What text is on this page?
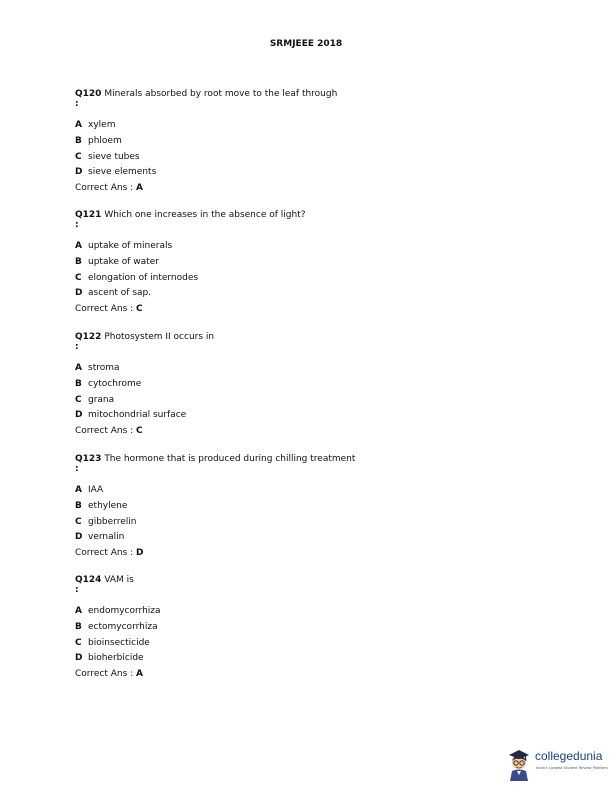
SRMJEEE 2018
Q120 Minerals absorbed by root move to the leaf through
:
A xylem
B phloem
C sieve tubes
D sieve elements
Correct Ans : A
Q121 Which one increases in the absence of light?
:
A uptake of minerals
B uptake of water
C elongation of internodes
D ascent of sap.
Correct Ans : C
Q122 Photosystem II occurs in
:
A stroma
B cytochrome
C grana
D mitochondrial surface
Correct Ans : C
Q123 The hormone that is produced during chilling treatment
:
A IAA
B ethylene
C gibberrelin
D vernalin
Correct Ans : D
Q124 VAM is
:
A endomycorrhiza
B ectomycorrhiza
C bioinsecticide
D bioherbicide
Correct Ans : A
collegedunia
India's Largest Student Review Platform
